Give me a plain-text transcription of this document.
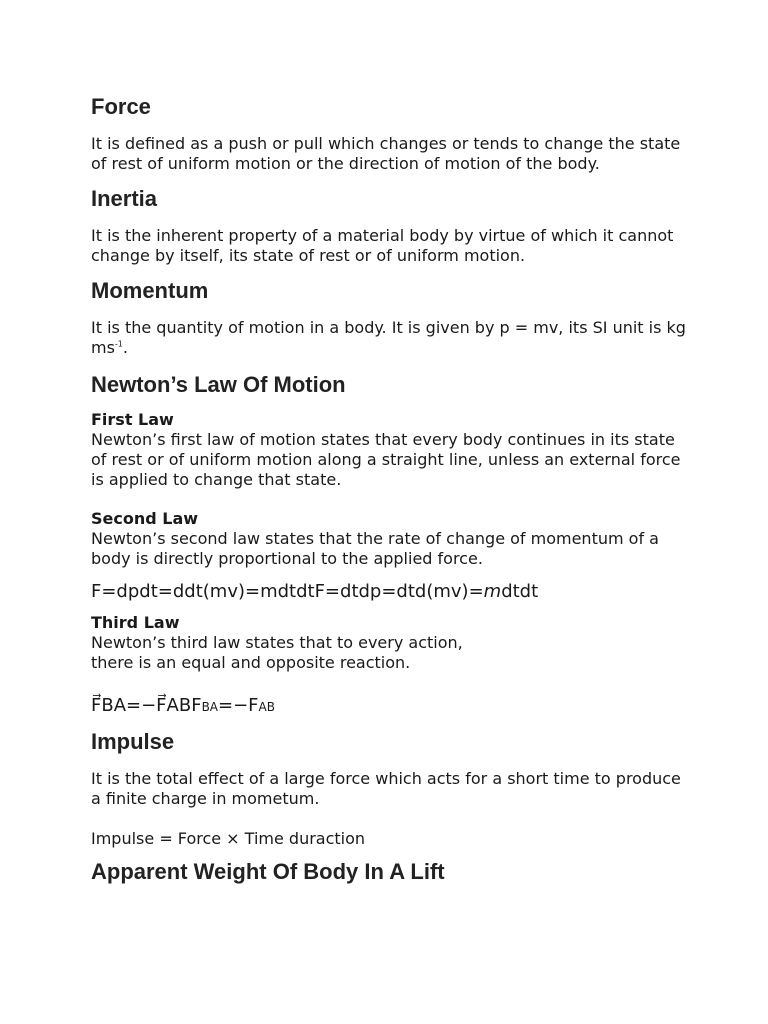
Force

It is defined as a push or pull which changes or tends to change the state of rest of uniform motion or the direction of motion of the body.

Inertia

It is the inherent property of a material body by virtue of which it cannot change by itself, its state of rest or of uniform motion.

Momentum

It is the quantity of motion in a body. It is given by p = mv, its SI unit is kg $ms^{-1}$.

Newton’s Law Of Motion

First Law

Newton’s first law of motion states that every body continues in its state of rest or of uniform motion along a straight line, unless an external force is applied to change that state.

Second Law

Newton’s second law states that the rate of change of momentum of a body is directly proportional to the applied force.

F=dpdt=ddt(mv)=mdtdtF=dtdp=dtd(mv)=mdtdt

Third Law

Newton’s third law states that to every action,

there is an equal and opposite reaction.

F⃗BA=−F⃗ABFBA=−FAB

Impulse

It is the total effect of a large force which acts for a short time to produce a finite charge in mometum.

Impulse = Force × Time duraction

Apparent Weight Of Body In A Lift
